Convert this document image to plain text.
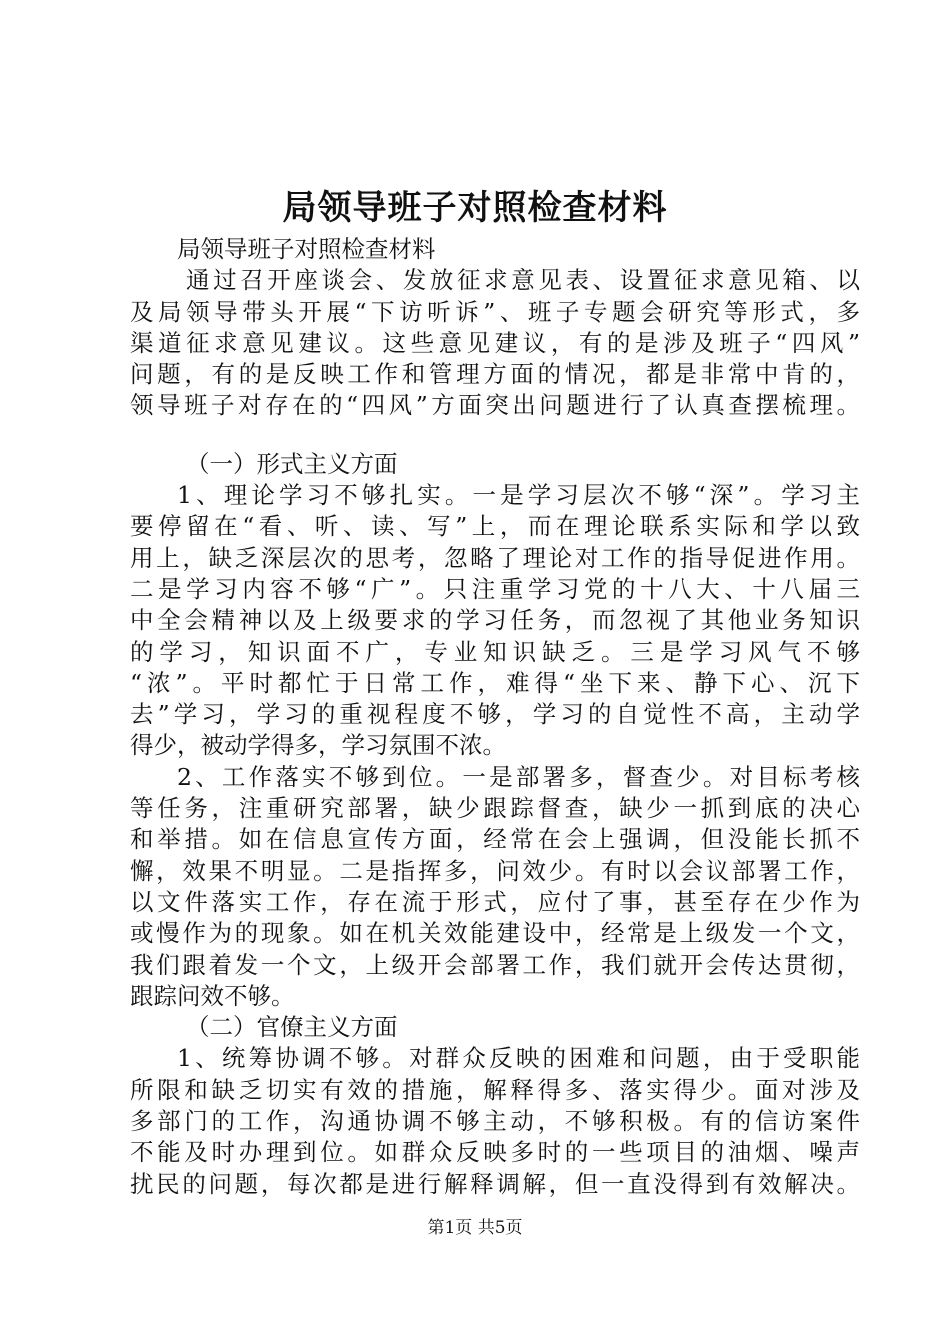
局领导班子对照检查材料
局领导班子对照检查材料
通过召开座谈会、发放征求意见表、设置征求意见箱、以
及局领导带头开展“下访听诉”、班子专题会研究等形式，多
渠道征求意见建议。这些意见建议，有的是涉及班子“四风”
问题，有的是反映工作和管理方面的情况，都是非常中肯的，
领导班子对存在的“四风”方面突出问题进行了认真查摆梳理。
（一）形式主义方面
1、理论学习不够扎实。一是学习层次不够“深”。学习主
要停留在“看、听、读、写”上，而在理论联系实际和学以致
用上，缺乏深层次的思考，忽略了理论对工作的指导促进作用。
二是学习内容不够“广”。只注重学习党的十八大、十八届三
中全会精神以及上级要求的学习任务，而忽视了其他业务知识
的学习，知识面不广，专业知识缺乏。三是学习风气不够
“浓”。平时都忙于日常工作，难得“坐下来、静下心、沉下
去”学习，学习的重视程度不够，学习的自觉性不高，主动学
得少，被动学得多，学习氛围不浓。
2、工作落实不够到位。一是部署多，督查少。对目标考核
等任务，注重研究部署，缺少跟踪督查，缺少一抓到底的决心
和举措。如在信息宣传方面，经常在会上强调，但没能长抓不
懈，效果不明显。二是指挥多，问效少。有时以会议部署工作，
以文件落实工作，存在流于形式，应付了事，甚至存在少作为
或慢作为的现象。如在机关效能建设中，经常是上级发一个文，
我们跟着发一个文，上级开会部署工作，我们就开会传达贯彻，
跟踪问效不够。
（二）官僚主义方面
1、统筹协调不够。对群众反映的困难和问题，由于受职能
所限和缺乏切实有效的措施，解释得多、落实得少。面对涉及
多部门的工作，沟通协调不够主动，不够积极。有的信访案件
不能及时办理到位。如群众反映多时的一些项目的油烟、噪声
扰民的问题，每次都是进行解释调解，但一直没得到有效解决。
第1页 共5页
